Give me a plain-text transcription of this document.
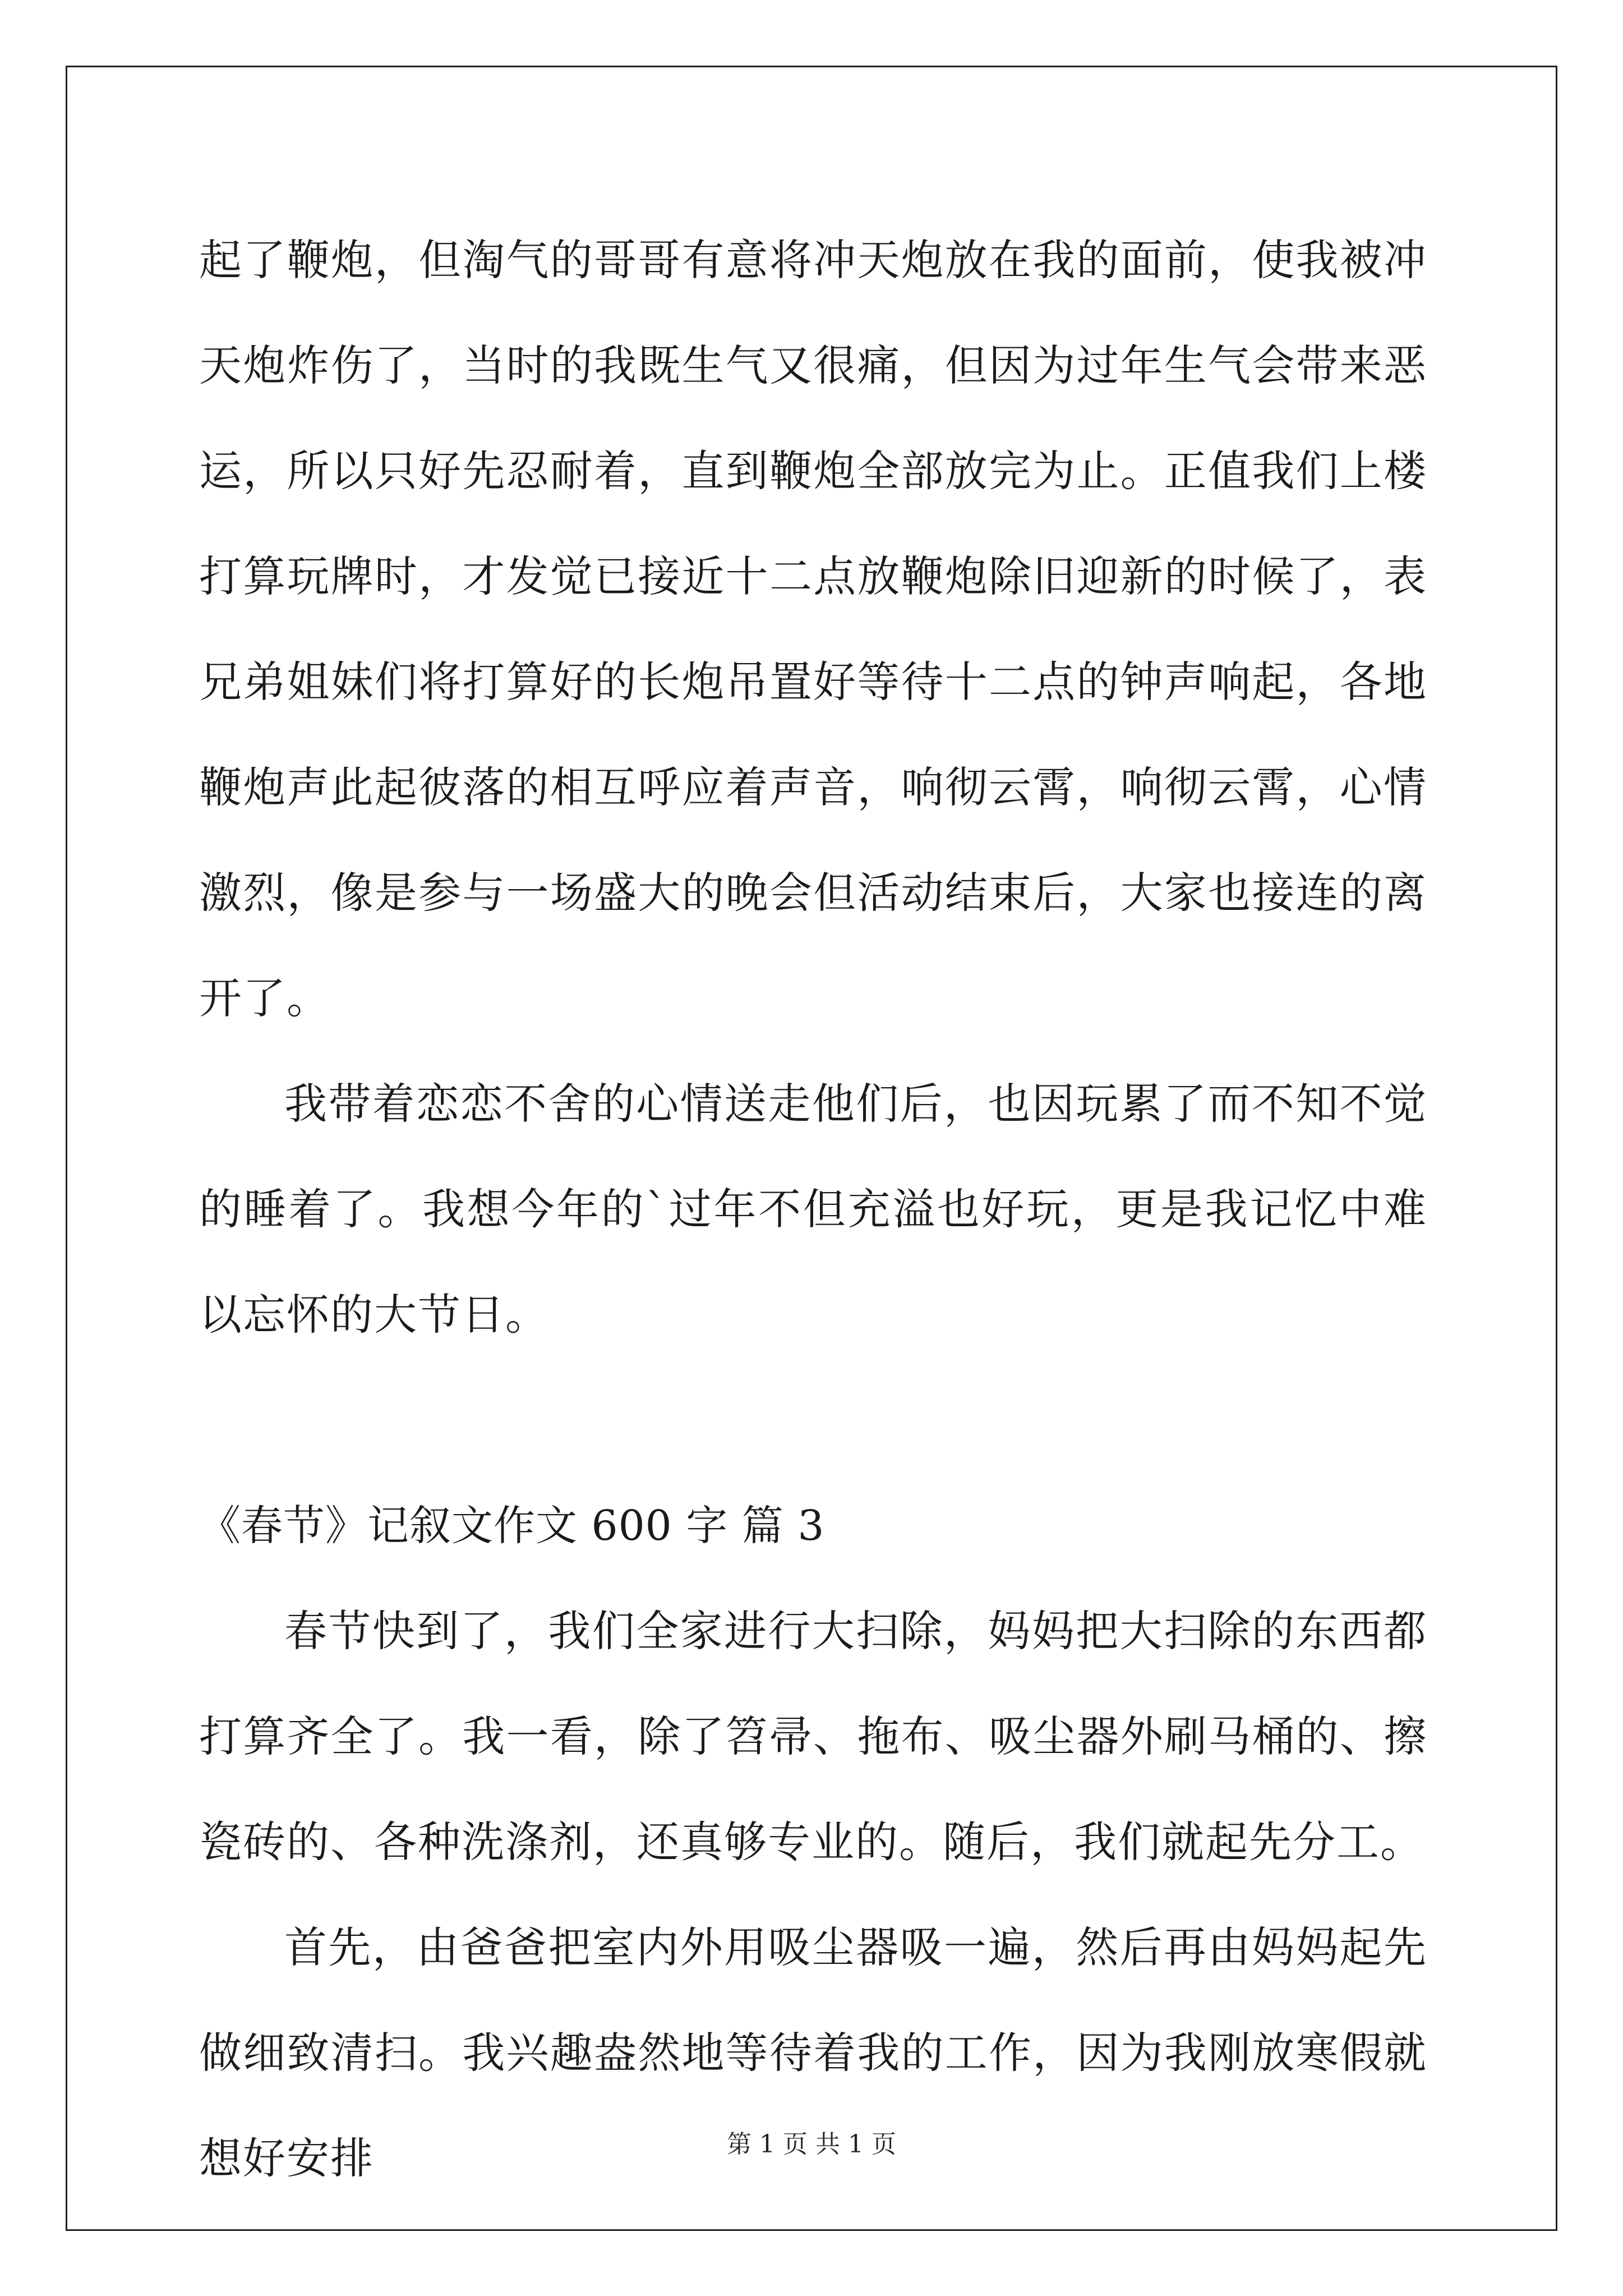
起了鞭炮，但淘气的哥哥有意将冲天炮放在我的面前，使我被冲天炮炸伤了，当时的我既生气又很痛，但因为过年生气会带来恶运，所以只好先忍耐着，直到鞭炮全部放完为止。正值我们上楼打算玩牌时，才发觉已接近十二点放鞭炮除旧迎新的时候了，表兄弟姐妹们将打算好的长炮吊置好等待十二点的钟声响起，各地鞭炮声此起彼落的相互呼应着声音，响彻云霄，响彻云霄，心情激烈，像是参与一场盛大的晚会但活动结束后，大家也接连的离开了。

我带着恋恋不舍的心情送走他们后，也因玩累了而不知不觉的睡着了。我想今年的`过年不但充溢也好玩，更是我记忆中难以忘怀的大节日。

《春节》记叙文作文 600 字 篇 3

春节快到了，我们全家进行大扫除，妈妈把大扫除的东西都打算齐全了。我一看，除了笤帚、拖布、吸尘器外刷马桶的、擦瓷砖的、各种洗涤剂，还真够专业的。随后，我们就起先分工。

首先，由爸爸把室内外用吸尘器吸一遍，然后再由妈妈起先做细致清扫。我兴趣盎然地等待着我的工作，因为我刚放寒假就想好安排	第 1 页 共 1 页
